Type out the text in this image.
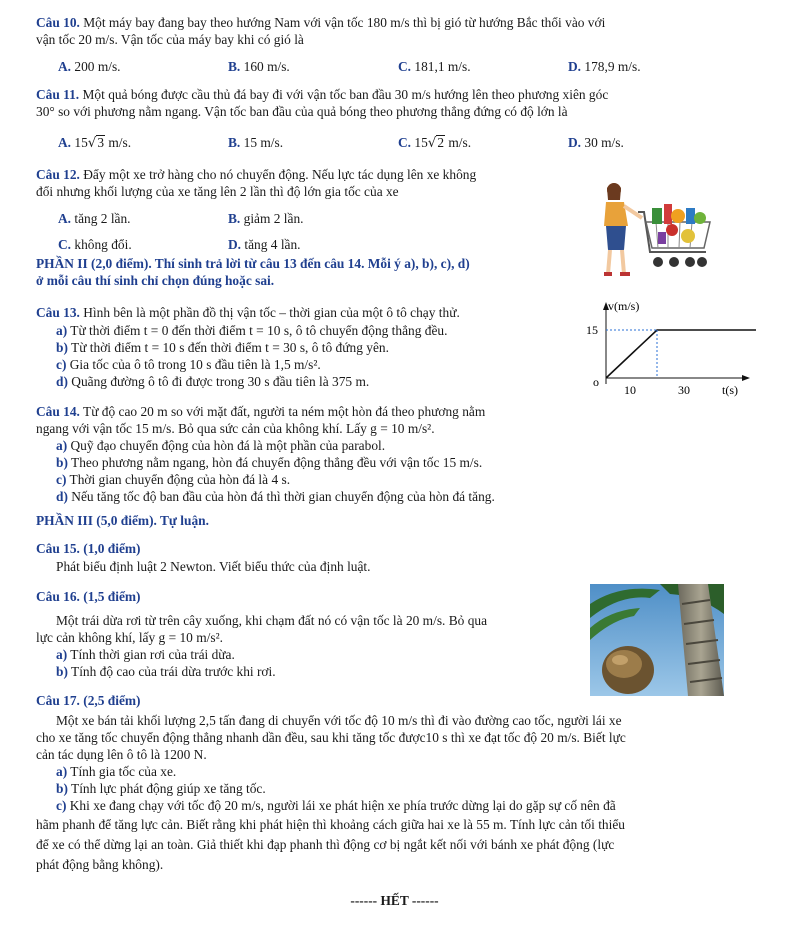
Câu 10. Một máy bay đang bay theo hướng Nam với vận tốc 180 m/s thì bị gió từ hướng Bắc thổi vào với
vận tốc 20 m/s. Vận tốc của máy bay khi có gió là
A. 200 m/s.	B. 160 m/s.	C. 181,1 m/s.	D. 178,9 m/s.
Câu 11. Một quả bóng được cầu thủ đá bay đi với vận tốc ban đầu 30 m/s hướng lên theo phương xiên góc
30° so với phương nằm ngang. Vận tốc ban đầu của quả bóng theo phương thẳng đứng có độ lớn là
A. 15√3 m/s.	B. 15 m/s.	C. 15√2 m/s.	D. 30 m/s.
Câu 12. Đẩy một xe trở hàng cho nó chuyển động. Nếu lực tác dụng lên xe không
đổi nhưng khối lượng của xe tăng lên 2 lần thì độ lớn gia tốc của xe
A. tăng 2 lần.	B. giảm 2 lần.
C. không đổi.	D. tăng 4 lần.
PHẦN II (2,0 điểm). Thí sinh trả lời từ câu 13 đến câu 14. Mỗi ý a), b), c), d)
ở mỗi câu thí sinh chỉ chọn đúng hoặc sai.
Câu 13. Hình bên là một phần đồ thị vận tốc – thời gian của một ô tô chạy thử.
a) Từ thời điểm t = 0 đến thời điểm t = 10 s, ô tô chuyển động thẳng đều.
b) Từ thời điểm t = 10 s đến thời điểm t = 30 s, ô tô đứng yên.
c) Gia tốc của ô tô trong 10 s đầu tiên là 1,5 m/s².
d) Quãng đường ô tô đi được trong 30 s đầu tiên là 375 m.
v(m/s)
t(s)
o
15
10	30
Câu 14. Từ độ cao 20 m so với mặt đất, người ta ném một hòn đá theo phương nằm
ngang với vận tốc 15 m/s. Bỏ qua sức cản của không khí. Lấy g = 10 m/s².
a) Quỹ đạo chuyển động của hòn đá là một phần của parabol.
b) Theo phương nằm ngang, hòn đá chuyển động thẳng đều với vận tốc 15 m/s.
c) Thời gian chuyển động của hòn đá là 4 s.
d) Nếu tăng tốc độ ban đầu của hòn đá thì thời gian chuyển động của hòn đá tăng.
PHẦN III (5,0 điểm). Tự luận.
Câu 15. (1,0 điểm)
Phát biểu định luật 2 Newton. Viết biểu thức của định luật.
Câu 16. (1,5 điểm)
Một trái dừa rơi từ trên cây xuống, khi chạm đất nó có vận tốc là 20 m/s. Bỏ qua
lực cản không khí, lấy g = 10 m/s².
a) Tính thời gian rơi của trái dừa.
b) Tính độ cao của trái dừa trước khi rơi.
Câu 17. (2,5 điểm)
Một xe bán tải khối lượng 2,5 tấn đang di chuyển với tốc độ 10 m/s thì đi vào đường cao tốc, người lái xe
cho xe tăng tốc chuyển động thẳng nhanh dần đều, sau khi tăng tốc được10 s thì xe đạt tốc độ 20 m/s. Biết lực
cản tác dụng lên ô tô là 1200 N.
a) Tính gia tốc của xe.
b) Tính lực phát động giúp xe tăng tốc.
c) Khi xe đang chạy với tốc độ 20 m/s, người lái xe phát hiện xe phía trước dừng lại do gặp sự cố nên đã
hãm phanh để tăng lực cản. Biết rằng khi phát hiện thì khoảng cách giữa hai xe là 55 m. Tính lực cản tối thiểu
để xe có thể dừng lại an toàn. Giả thiết khi đạp phanh thì động cơ bị ngắt kết nối với bánh xe phát động (lực
phát động bằng không).
------ HẾT ------
